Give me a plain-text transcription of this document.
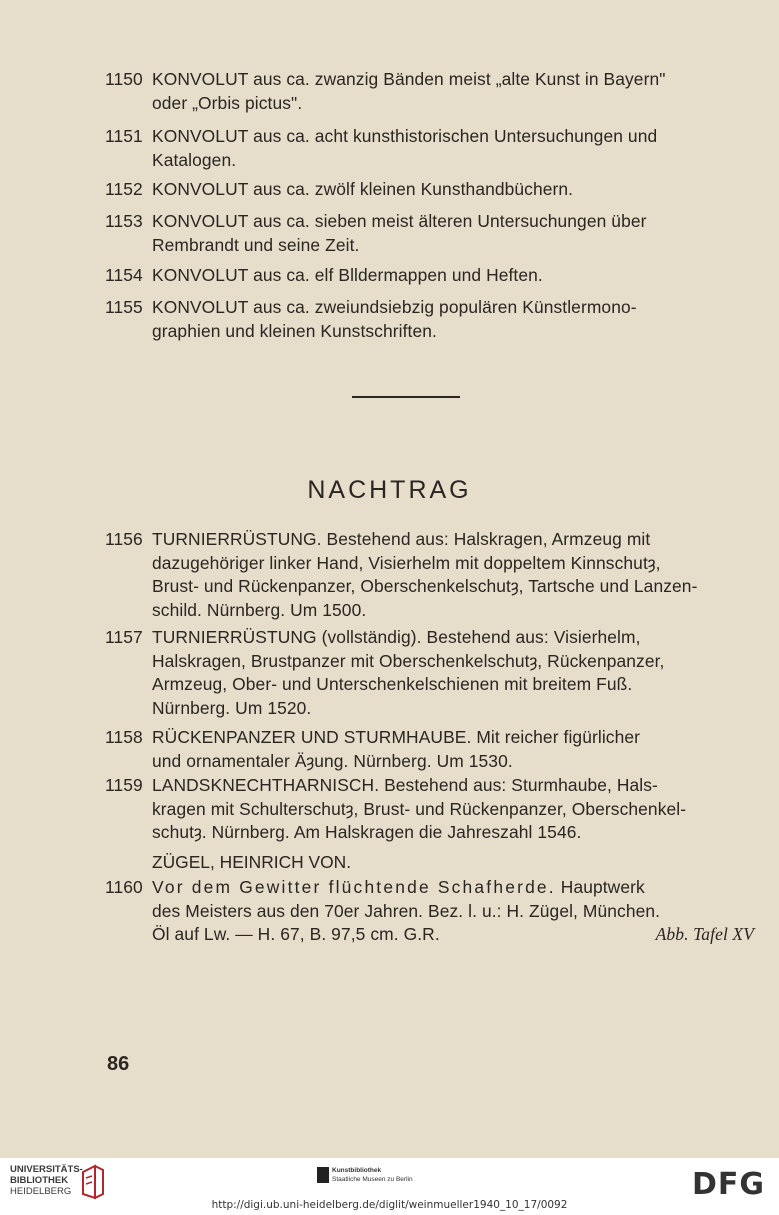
1150 KONVOLUT aus ca. zwanzig Bänden meist „alte Kunst in Bayern"
oder „Orbis pictus".
1151 KONVOLUT aus ca. acht kunsthistorischen Untersuchungen und
Katalogen.
1152 KONVOLUT aus ca. zwölf kleinen Kunsthandbüchern.
1153 KONVOLUT aus ca. sieben meist älteren Untersuchungen über
Rembrandt und seine Zeit.
1154 KONVOLUT aus ca. elf Blldermappen und Heften.
1155 KONVOLUT aus ca. zweiundsiebzig populären Künstlermono-
graphien und kleinen Kunstschriften.
NACHTRAG
1156 TURNIERRÜSTUNG. Bestehend aus: Halskragen, Armzeug mit
dazugehöriger linker Hand, Visierhelm mit doppeltem Kinnschutȝ,
Brust- und Rückenpanzer, Oberschenkelschutȝ, Tartsche und Lanzen-
schild. Nürnberg. Um 1500.
1157 TURNIERRÜSTUNG (vollständig). Bestehend aus: Visierhelm,
Halskragen, Brustpanzer mit Oberschenkelschutȝ, Rückenpanzer,
Armzeug, Ober- und Unterschenkelschienen mit breitem Fuß.
Nürnberg. Um 1520.
1158 RÜCKENPANZER UND STURMHAUBE. Mit reicher figürlicher
und ornamentaler Äȝung. Nürnberg. Um 1530.
1159 LANDSKNECHTHARNISCH. Bestehend aus: Sturmhaube, Hals-
kragen mit Schulterschutȝ, Brust- und Rückenpanzer, Oberschenkel-
schutȝ. Nürnberg. Am Halskragen die Jahreszahl 1546.
ZÜGEL, HEINRICH VON.
1160 Vor dem Gewitter flüchtende Schafherde. Hauptwerk
des Meisters aus den 70er Jahren. Bez. l. u.: H. Zügel, München.
Öl auf Lw. — H. 67, B. 97,5 cm. G.R.	Abb. Tafel XV
86
UNIVERSITÄTS-
BIBLIOTHEK
HEIDELBERG
Kunstbibliothek
Staatliche Museen zu Berlin	DFG
http://digi.ub.uni-heidelberg.de/diglit/weinmueller1940_10_17/0092
